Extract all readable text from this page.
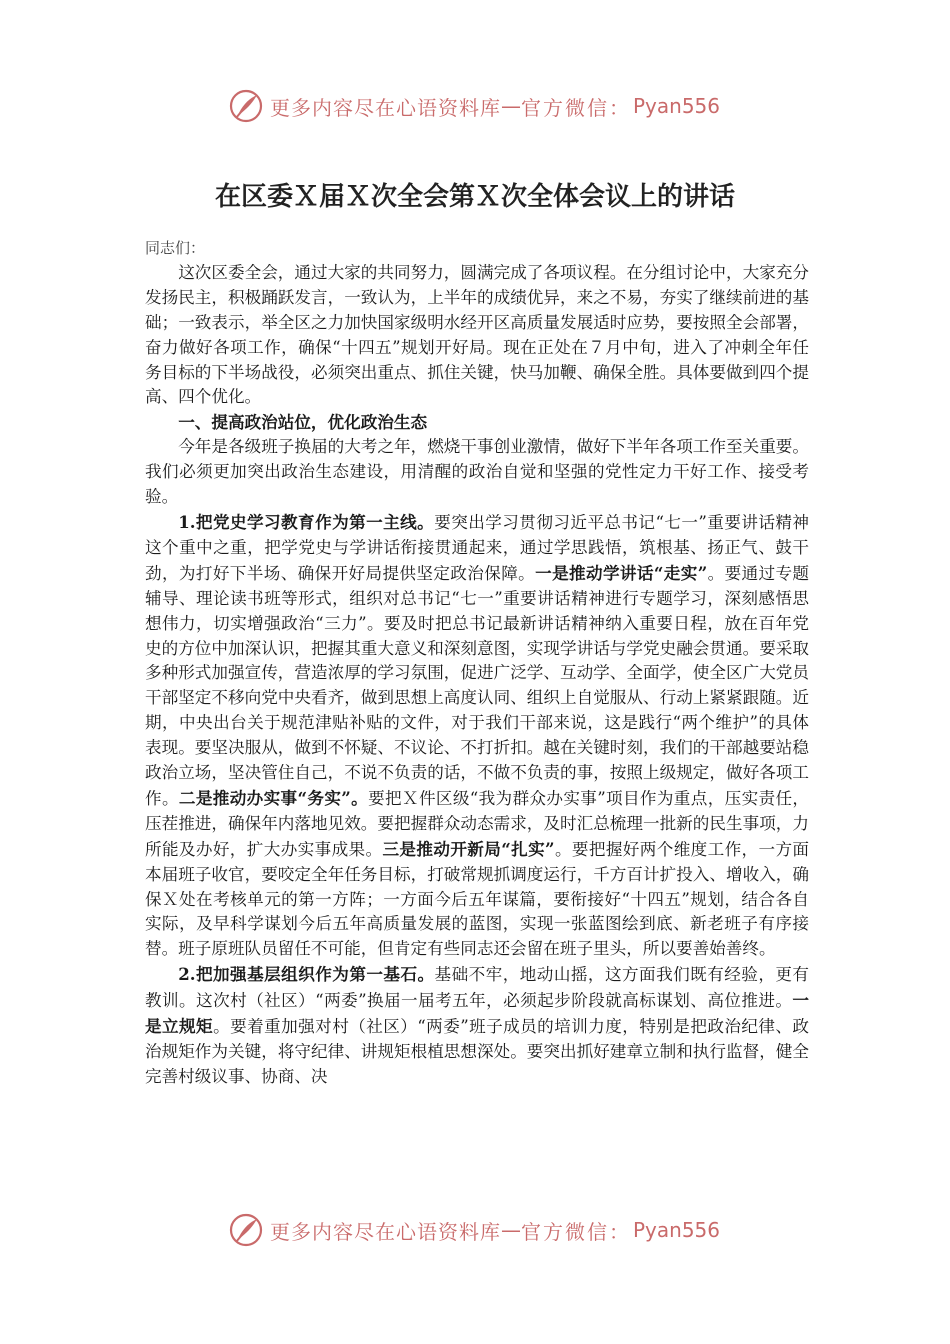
更多内容尽在心语资料库 — 官方微信： Pyan556
在区委Ｘ届Ｘ次全会第Ｘ次全体会议上的讲话

同志们：

这次区委全会，通过大家的共同努力，圆满完成了各项议程。在分组讨论中，大家充分发扬民主，积极踊跃发言，一致认为，上半年的成绩优异，来之不易，夯实了继续前进的基础；一致表示，举全区之力加快国家级明水经开区高质量发展适时应势，要按照全会部署，奋力做好各项工作，确保“十四五”规划开好局。现在正处在７月中旬，进入了冲刺全年任务目标的下半场战役，必须突出重点、抓住关键，快马加鞭、确保全胜。具体要做到四个提高、四个优化。

一、提高政治站位，优化政治生态

今年是各级班子换届的大考之年，燃烧干事创业激情，做好下半年各项工作至关重要。我们必须更加突出政治生态建设，用清醒的政治自觉和坚强的党性定力干好工作、接受考验。

1.把党史学习教育作为第一主线。要突出学习贯彻习近平总书记“七一”重要讲话精神这个重中之重，把学党史与学讲话衔接贯通起来，通过学思践悟，筑根基、扬正气、鼓干劲，为打好下半场、确保开好局提供坚定政治保障。一是推动学讲话“走实”。要通过专题辅导、理论读书班等形式，组织对总书记“七一”重要讲话精神进行专题学习，深刻感悟思想伟力，切实增强政治“三力”。要及时把总书记最新讲话精神纳入重要日程，放在百年党史的方位中加深认识，把握其重大意义和深刻意图，实现学讲话与学党史融会贯通。要采取多种形式加强宣传，营造浓厚的学习氛围，促进广泛学、互动学、全面学，使全区广大党员干部坚定不移向党中央看齐，做到思想上高度认同、组织上自觉服从、行动上紧紧跟随。近期，中央出台关于规范津贴补贴的文件，对于我们干部来说，这是践行“两个维护”的具体表现。要坚决服从，做到不怀疑、不议论、不打折扣。越在关键时刻，我们的干部越要站稳政治立场，坚决管住自己，不说不负责的话，不做不负责的事，按照上级规定，做好各项工作。二是推动办实事“务实”。要把Ｘ件区级“我为群众办实事”项目作为重点，压实责任，压茬推进，确保年内落地见效。要把握群众动态需求，及时汇总梳理一批新的民生事项，力所能及办好，扩大办实事成果。三是推动开新局“扎实”。要把握好两个维度工作，一方面本届班子收官，要咬定全年任务目标，打破常规抓调度运行，千方百计扩投入、增收入，确保Ｘ处在考核单元的第一方阵；一方面今后五年谋篇，要衔接好“十四五”规划，结合各自实际，及早科学谋划今后五年高质量发展的蓝图，实现一张蓝图绘到底、新老班子有序接替。班子原班队员留任不可能，但肯定有些同志还会留在班子里头，所以要善始善终。

2.把加强基层组织作为第一基石。基础不牢，地动山摇，这方面我们既有经验，更有教训。这次村（社区）“两委”换届一届考五年，必须起步阶段就高标谋划、高位推进。一是立规矩。要着重加强对村（社区）“两委”班子成员的培训力度，特别是把政治纪律、政治规矩作为关键，将守纪律、讲规矩根植思想深处。要突出抓好建章立制和执行监督，健全完善村级议事、协商、决

更多内容尽在心语资料库 — 官方微信： Pyan556
